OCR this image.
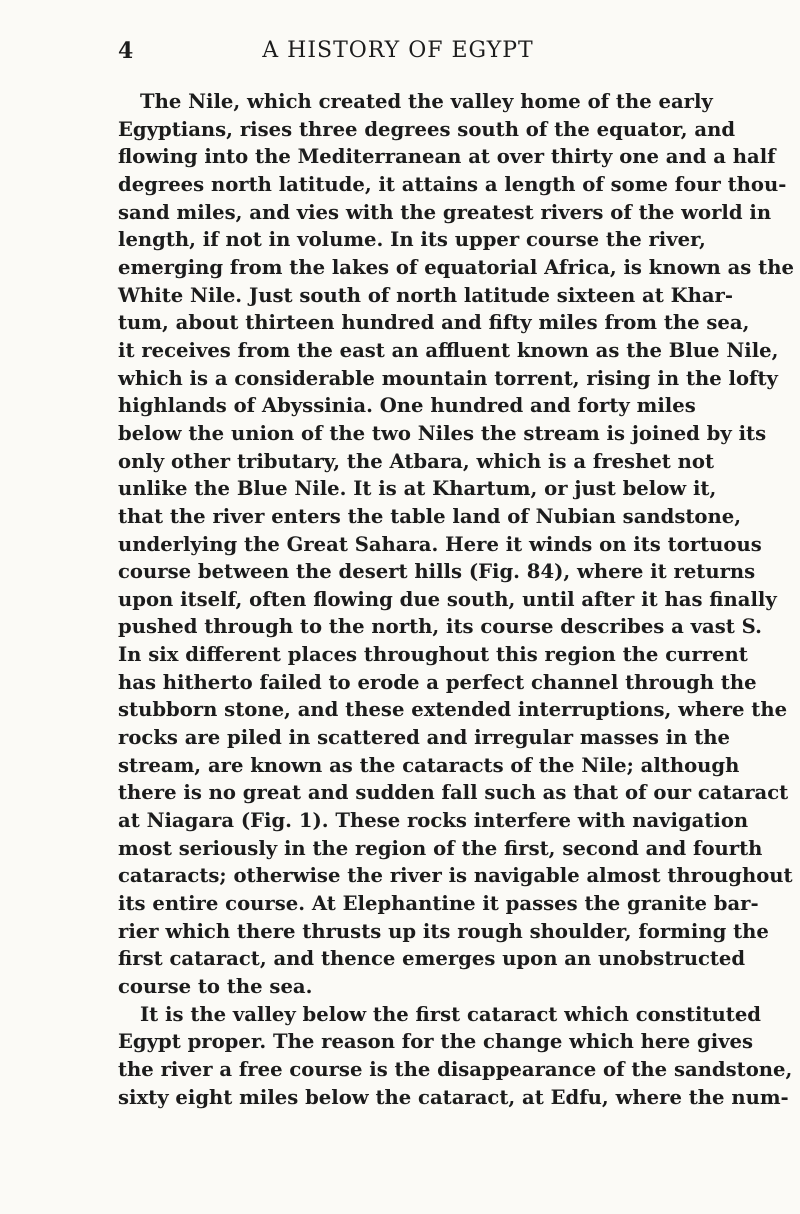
4	A HISTORY OF EGYPT
The Nile, which created the valley home of the early
Egyptians, rises three degrees south of the equator, and
flowing into the Mediterranean at over thirty one and a half
degrees north latitude, it attains a length of some four thou-
sand miles, and vies with the greatest rivers of the world in
length, if not in volume. In its upper course the river,
emerging from the lakes of equatorial Africa, is known as the
White Nile. Just south of north latitude sixteen at Khar-
tum, about thirteen hundred and fifty miles from the sea,
it receives from the east an affluent known as the Blue Nile,
which is a considerable mountain torrent, rising in the lofty
highlands of Abyssinia. One hundred and forty miles
below the union of the two Niles the stream is joined by its
only other tributary, the Atbara, which is a freshet not
unlike the Blue Nile. It is at Khartum, or just below it,
that the river enters the table land of Nubian sandstone,
underlying the Great Sahara. Here it winds on its tortuous
course between the desert hills (Fig. 84), where it returns
upon itself, often flowing due south, until after it has finally
pushed through to the north, its course describes a vast S.
In six different places throughout this region the current
has hitherto failed to erode a perfect channel through the
stubborn stone, and these extended interruptions, where the
rocks are piled in scattered and irregular masses in the
stream, are known as the cataracts of the Nile; although
there is no great and sudden fall such as that of our cataract
at Niagara (Fig. 1). These rocks interfere with navigation
most seriously in the region of the first, second and fourth
cataracts; otherwise the river is navigable almost throughout
its entire course. At Elephantine it passes the granite bar-
rier which there thrusts up its rough shoulder, forming the
first cataract, and thence emerges upon an unobstructed
course to the sea.
It is the valley below the first cataract which constituted
Egypt proper. The reason for the change which here gives
the river a free course is the disappearance of the sandstone,
sixty eight miles below the cataract, at Edfu, where the num-
